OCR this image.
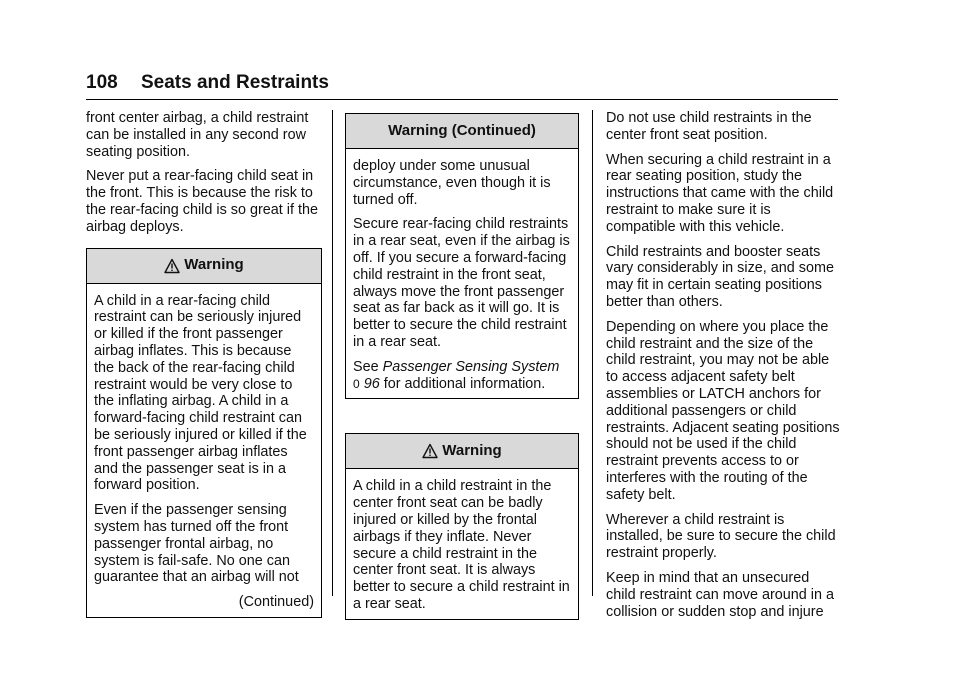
108 Seats and Restraints

front center airbag, a child restraint can be installed in any second row seating position.

Never put a rear-facing child seat in the front. This is because the risk to the rear-facing child is so great if the airbag deploys.

Warning

A child in a rear-facing child restraint can be seriously injured or killed if the front passenger airbag inflates. This is because the back of the rear-facing child restraint would be very close to the inflating airbag. A child in a forward-facing child restraint can be seriously injured or killed if the front passenger airbag inflates and the passenger seat is in a forward position.

Even if the passenger sensing system has turned off the front passenger frontal airbag, no system is fail-safe. No one can guarantee that an airbag will not

(Continued)
Warning (Continued)

deploy under some unusual circumstance, even though it is turned off.

Secure rear-facing child restraints in a rear seat, even if the airbag is off. If you secure a forward-facing child restraint in the front seat, always move the front passenger seat as far back as it will go. It is better to secure the child restraint in a rear seat.

See Passenger Sensing System
0 96 for additional information.

Warning

A child in a child restraint in the center front seat can be badly injured or killed by the frontal airbags if they inflate. Never secure a child restraint in the center front seat. It is always better to secure a child restraint in a rear seat.

Do not use child restraints in the center front seat position.

When securing a child restraint in a rear seating position, study the instructions that came with the child restraint to make sure it is compatible with this vehicle.

Child restraints and booster seats vary considerably in size, and some may fit in certain seating positions better than others.

Depending on where you place the child restraint and the size of the child restraint, you may not be able to access adjacent safety belt assemblies or LATCH anchors for additional passengers or child restraints. Adjacent seating positions should not be used if the child restraint prevents access to or interferes with the routing of the safety belt.

Wherever a child restraint is installed, be sure to secure the child restraint properly.

Keep in mind that an unsecured child restraint can move around in a collision or sudden stop and injure
